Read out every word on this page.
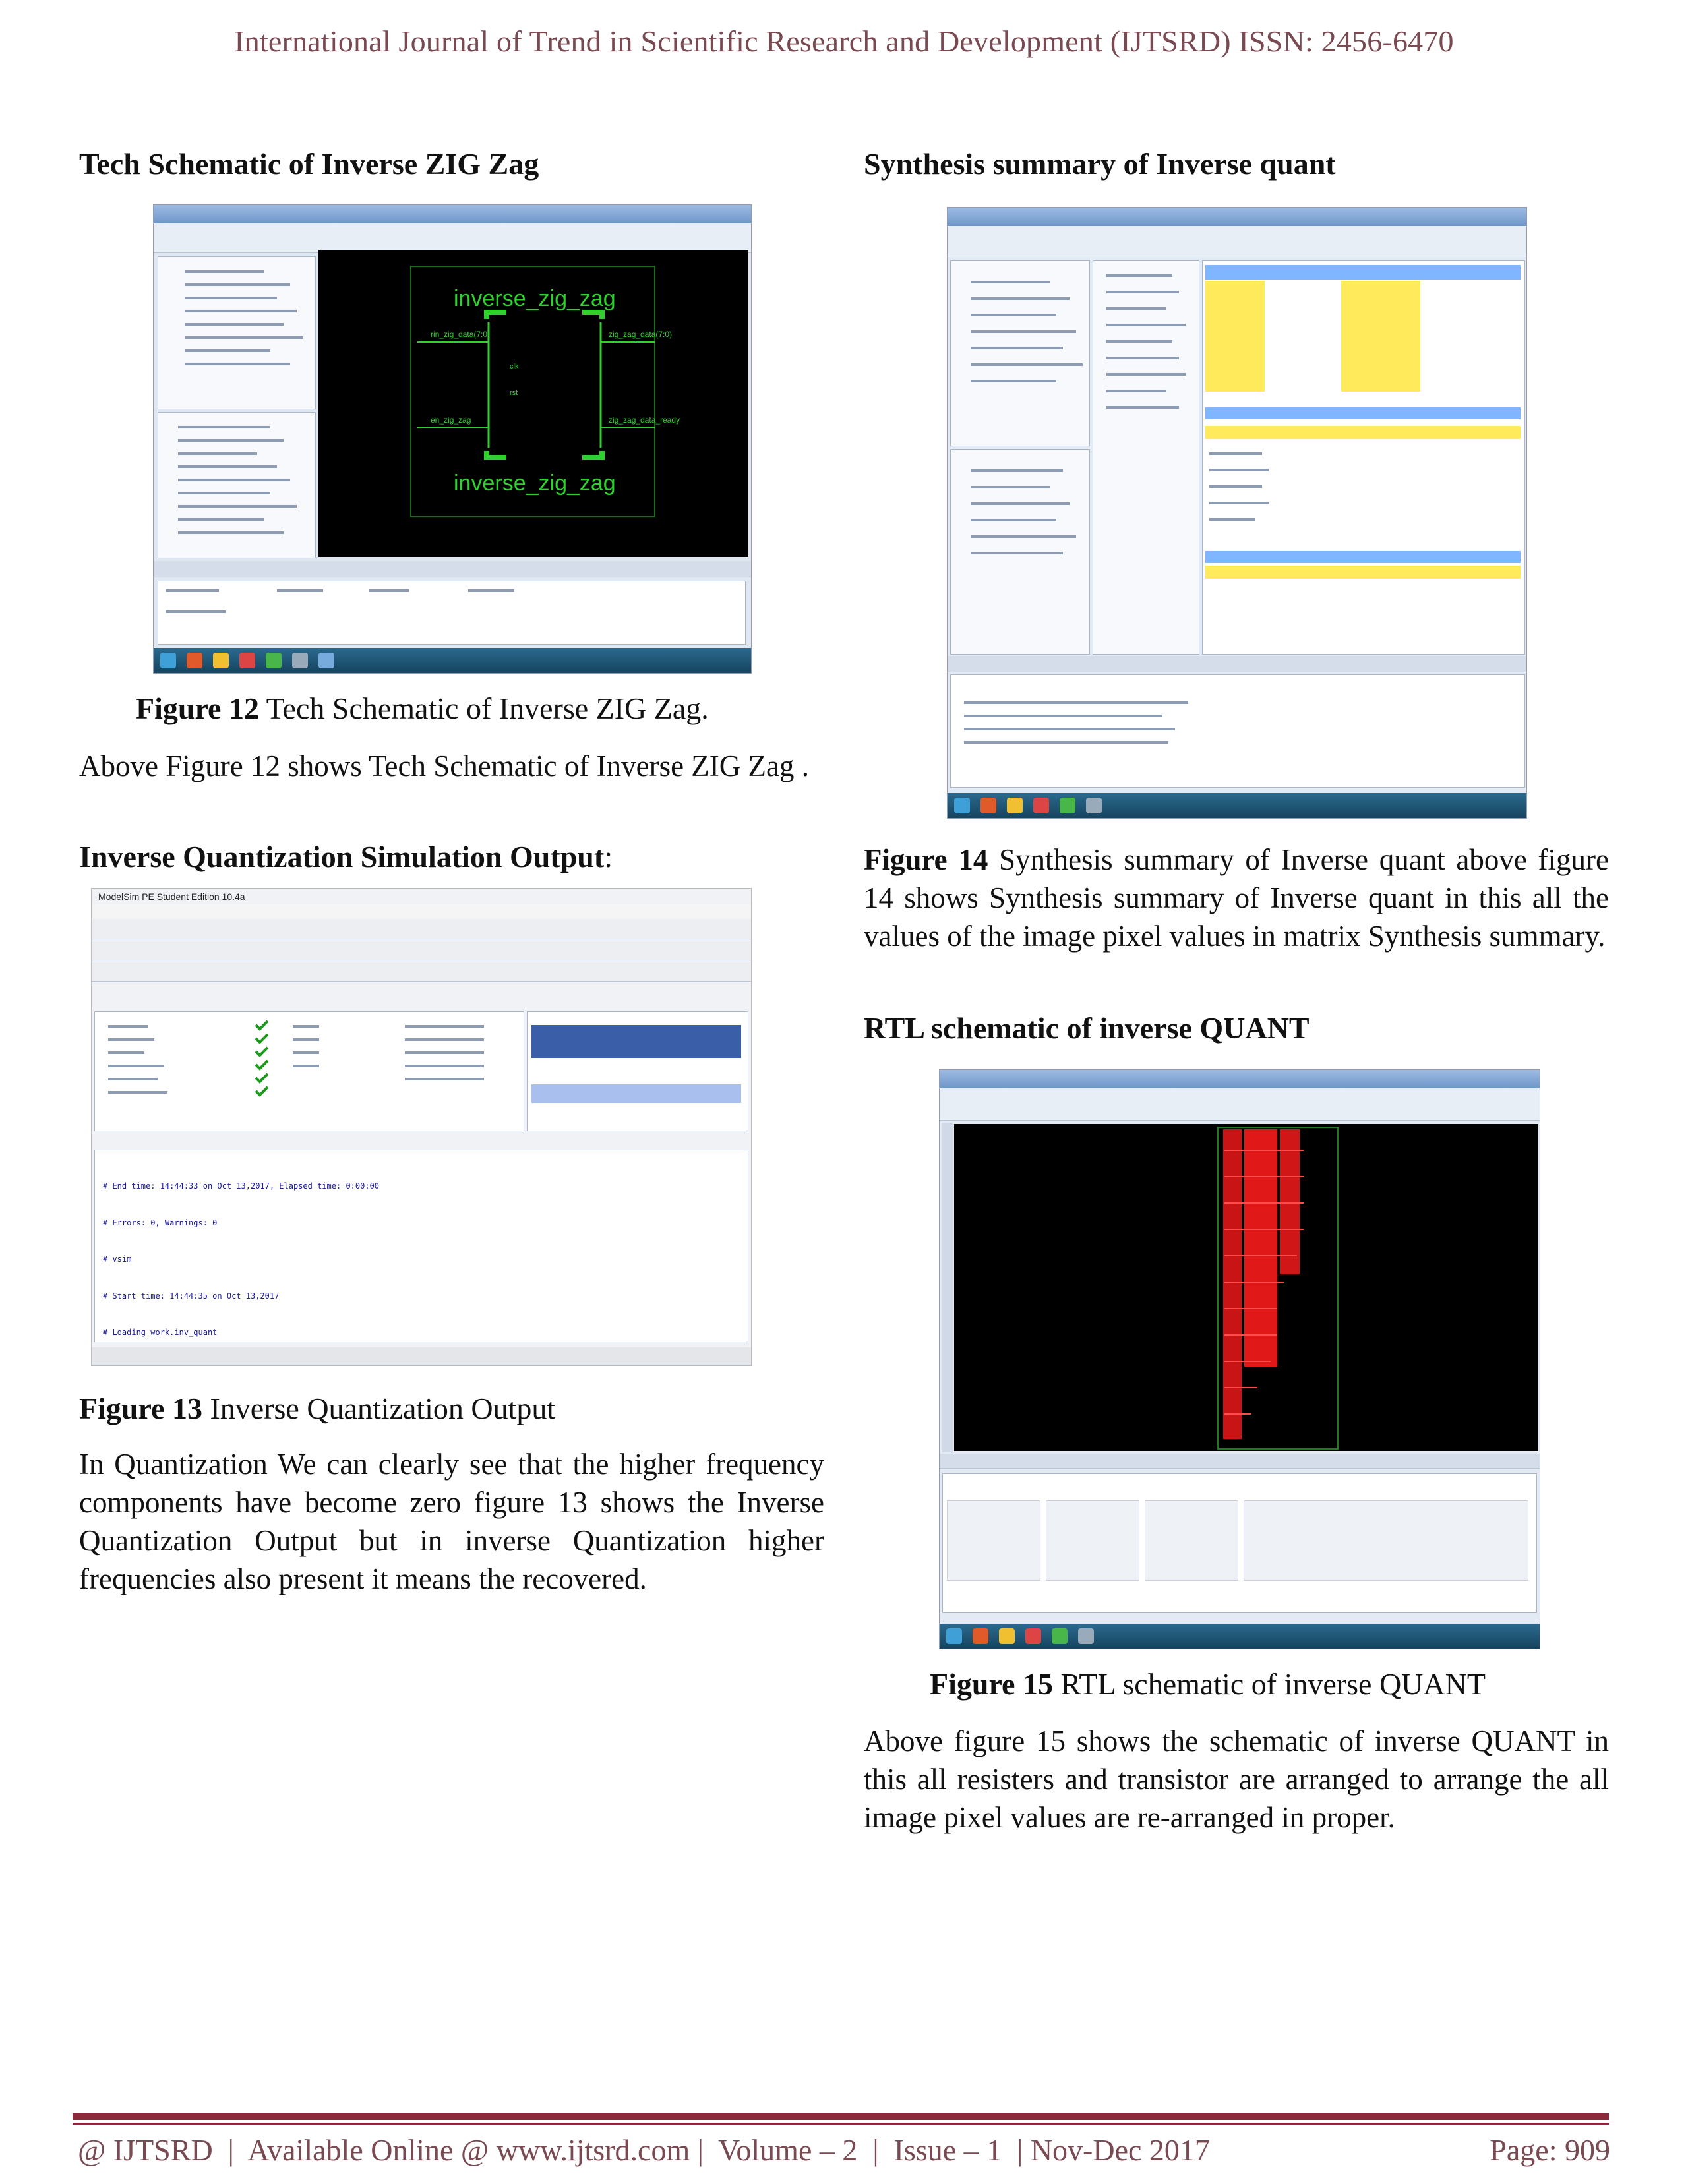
International Journal of Trend in Scientific Research and Development (IJTSRD) ISSN: 2456-6470
Tech Schematic of Inverse ZIG Zag
rin_zig_data(7:0)	zig_zag_data(7:0)
en_zig_zag	zig_zag_data_ready
clk
rst
inverse_zig_zag
inverse_zig_zag
Figure 12 Tech Schematic of Inverse ZIG Zag.
Above Figure 12 shows Tech Schematic of Inverse ZIG Zag .
Inverse Quantization Simulation Output:
ModelSim PE Student Edition 10.4a

# End time: 14:44:33 on Oct 13,2017, Elapsed time: 0:00:00

# Errors: 0, Warnings: 0

# vsim

# Start time: 14:44:35 on Oct 13,2017

# Loading work.inv_quant

Figure 13 Inverse Quantization Output
In Quantization We can clearly see that the higher frequency components have become zero figure 13 shows the Inverse Quantization Output but in inverse Quantization higher frequencies also present it means the recovered.
Synthesis summary of Inverse quant
Figure 14 Synthesis summary of Inverse quant above figure 14 shows Synthesis summary of Inverse quant in this all the values of the image pixel values in matrix Synthesis summary.
RTL schematic of inverse QUANT
Figure 15 RTL schematic of inverse QUANT
Above figure 15 shows the schematic of inverse QUANT in this all resisters and transistor are arranged to arrange the all image pixel values are re-arranged in proper.
@ IJTSRD  |  Available Online @ www.ijtsrd.com |  Volume – 2  |  Issue – 1  | Nov-Dec 2017	Page: 909
